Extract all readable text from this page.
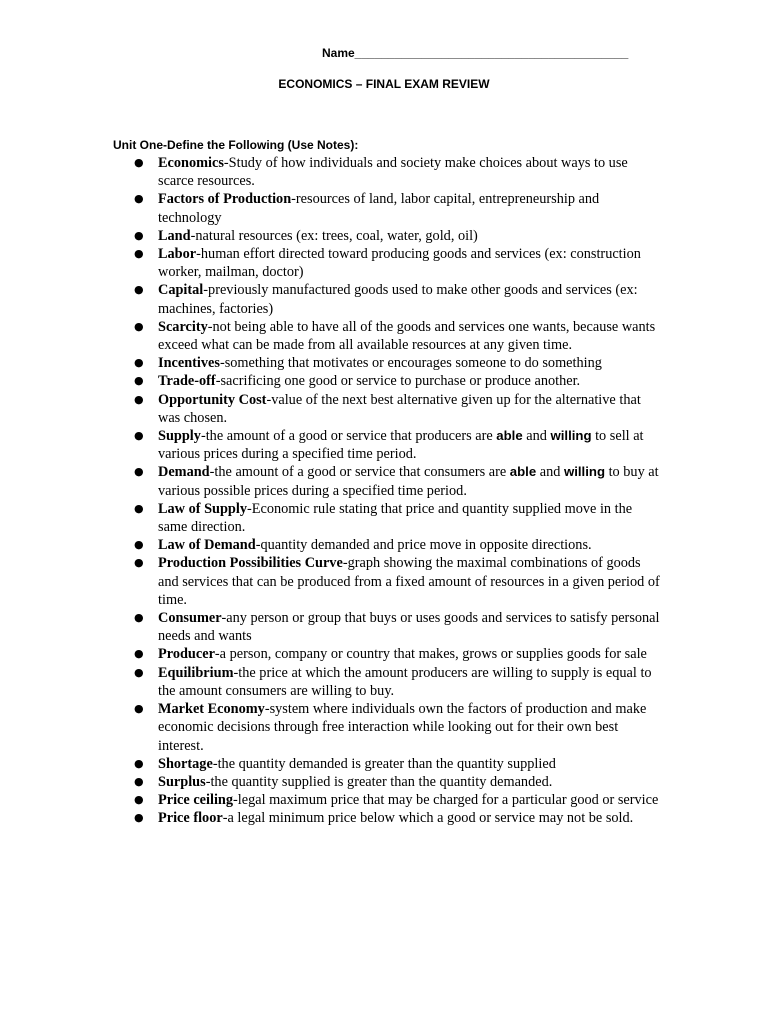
Name_________________________________________
ECONOMICS – FINAL EXAM REVIEW
Unit One-Define the Following (Use Notes):
● Economics-Study of how individuals and society make choices about ways to use scarce resources.
● Factors of Production-resources of land, labor capital, entrepreneurship and technology
● Land-natural resources (ex: trees, coal, water, gold, oil)
● Labor-human effort directed toward producing goods and services (ex: construction worker, mailman, doctor)
● Capital-previously manufactured goods used to make other goods and services (ex: machines, factories)
● Scarcity-not being able to have all of the goods and services one wants, because wants exceed what can be made from all available resources at any given time.
● Incentives-something that motivates or encourages someone to do something
● Trade-off-sacrificing one good or service to purchase or produce another.
● Opportunity Cost-value of the next best alternative given up for the alternative that was chosen.
● Supply-the amount of a good or service that producers are able and willing to sell at various prices during a specified time period.
● Demand-the amount of a good or service that consumers are able and willing to buy at various possible prices during a specified time period.
● Law of Supply-Economic rule stating that price and quantity supplied move in the same direction.
● Law of Demand-quantity demanded and price move in opposite directions.
● Production Possibilities Curve-graph showing the maximal combinations of goods and services that can be produced from a fixed amount of resources in a given period of time.
● Consumer-any person or group that buys or uses goods and services to satisfy personal needs and wants
● Producer-a person, company or country that makes, grows or supplies goods for sale
● Equilibrium-the price at which the amount producers are willing to supply is equal to the amount consumers are willing to buy.
● Market Economy-system where individuals own the factors of production and make economic decisions through free interaction while looking out for their own best interest.
● Shortage-the quantity demanded is greater than the quantity supplied
● Surplus-the quantity supplied is greater than the quantity demanded.
● Price ceiling-legal maximum price that may be charged for a particular good or service
● Price floor-a legal minimum price below which a good or service may not be sold.
